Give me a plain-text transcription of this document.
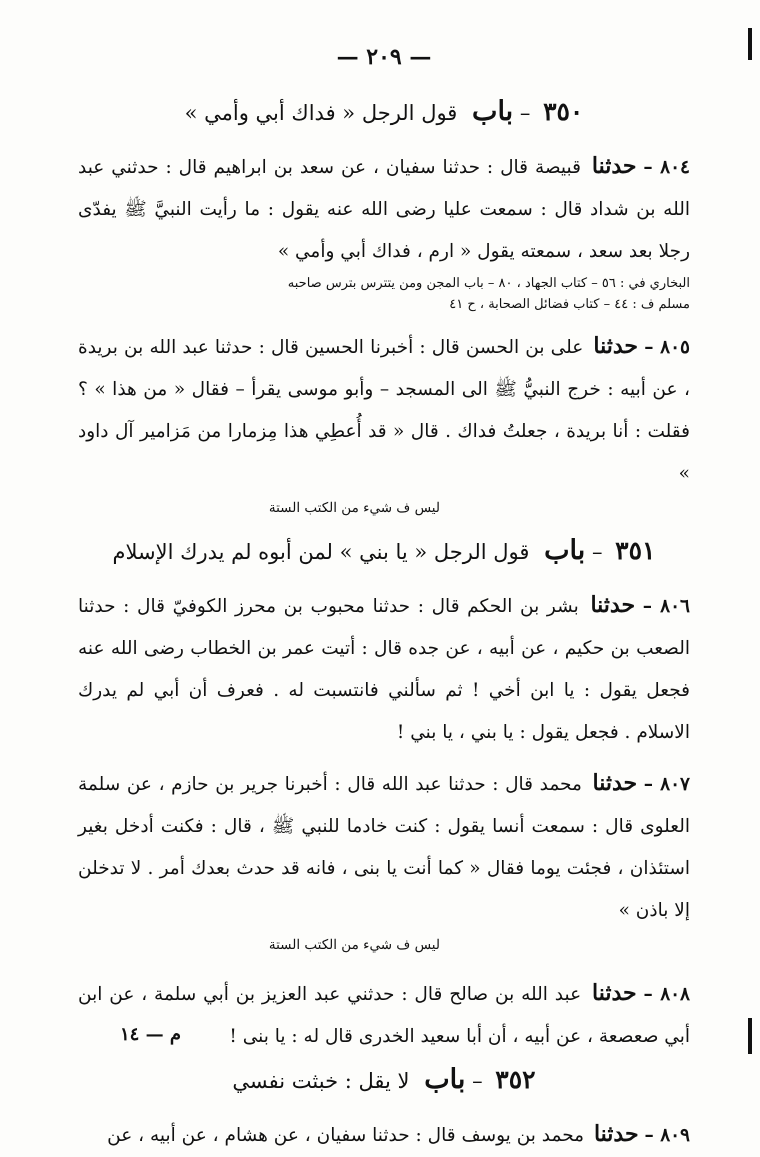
— ٢٠٩ —
٣٥٠ – باب قول الرجل « فداك أبي وأمي »

٨٠٤ – حدثنا قبيصة قال : حدثنا سفيان ، عن سعد بن ابراهيم قال : حدثني عبد الله بن شداد قال : سمعت عليا رضى الله عنه يقول : ما رأيت النبيَّ ﷺ يفدّى رجلا بعد سعد ، سمعته يقول « ارم ، فداك أبي وأمي »

البخاري في : ٥٦ – كتاب الجهاد ، ٨٠ – باب المجن ومن يتترس بترس صاحبه
مسلم ف : ٤٤ – كتاب فضائل الصحابة ، ح ٤١

٨٠٥ – حدثنا على بن الحسن قال : أخبرنا الحسين قال : حدثنا عبد الله بن بريدة ، عن أبيه : خرج النبيُّ ﷺ الى المسجد – وأبو موسى يقرأ – فقال « من هذا » ؟ فقلت : أنا بريدة ، جعلتُ فداك . قال « قد أُعطِي هذا مِزمارا من مَزامير آل داود »

ليس ف شيء من الكتب الستة
٣٥١ – باب قول الرجل « يا بني » لمن أبوه لم يدرك الإسلام

٨٠٦ – حدثنا بشر بن الحكم قال : حدثنا محبوب بن محرز الكوفيّ قال : حدثنا الصعب بن حكيم ، عن أبيه ، عن جده قال : أتيت عمر بن الخطاب رضى الله عنه فجعل يقول : يا ابن أخي ! ثم سألني فانتسبت له . فعرف أن أبي لم يدرك الاسلام . فجعل يقول : يا بني ، يا بني !

٨٠٧ – حدثنا محمد قال : حدثنا عبد الله قال : أخبرنا جرير بن حازم ، عن سلمة العلوى قال : سمعت أنسا يقول : كنت خادما للنبي ﷺ ، قال : فكنت أدخل بغير استئذان ، فجئت يوما فقال « كما أنت يا بنى ، فانه قد حدث بعدك أمر . لا تدخلن إلا باذن »

ليس ف شيء من الكتب الستة

٨٠٨ – حدثنا عبد الله بن صالح قال : حدثني عبد العزيز بن أبي سلمة ، عن ابن أبي صعصعة ، عن أبيه ، أن أبا سعيد الخدرى قال له : يا بنى !

٣٥٢ – باب لا يقل : خبثت نفسي

٨٠٩ – حدثنا محمد بن يوسف قال : حدثنا سفيان ، عن هشام ، عن أبيه ، عن

م — ١٤
